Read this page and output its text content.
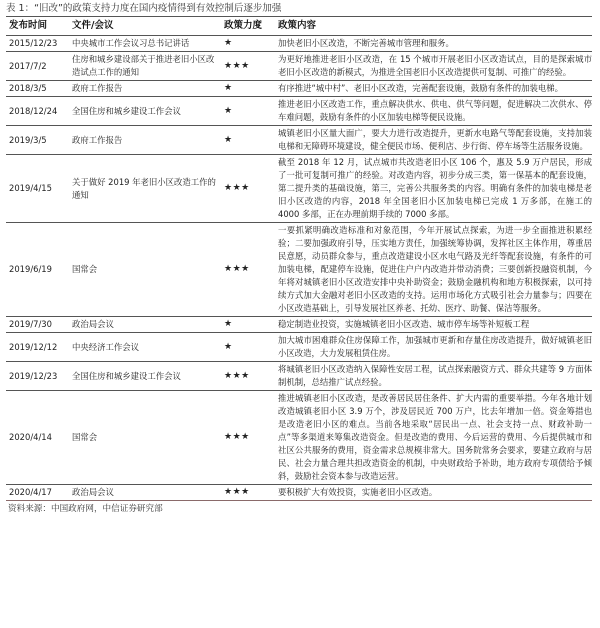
表 1：“旧改”的政策支持力度在国内疫情得到有效控制后逐步加强
发布时间	文件/会议	政策力度	政策内容
2015/12/23	中央城市工作会议习总书记讲话	★	加快老旧小区改造，不断完善城市管理和服务。
2017/7/2	住房和城乡建设部关于推进老旧小区改造试点工作的通知	★★★	为更好地推进老旧小区改造，在 15 个城市开展老旧小区改造试点，目的是探索城市老旧小区改造的新模式，为推进全国老旧小区改造提供可复制、可推广的经验。
2018/3/5	政府工作报告	★	有序推进“城中村”、老旧小区改造，完善配套设施，鼓励有条件的加装电梯。
2018/12/24	全国住房和城乡建设工作会议	★	推进老旧小区改造工作，重点解决供水、供电、供气等问题，促进解决二次供水、停车难问题，鼓励有条件的小区加装电梯等便民设施。
2019/3/5	政府工作报告	★	城镇老旧小区量大面广，要大力进行改造提升，更新水电路气等配套设施，支持加装电梯和无障碍环境建设，健全便民市场、便利店、步行街、停车场等生活服务设施。
2019/4/15	关于做好 2019 年老旧小区改造工作的通知	★★★	截至 2018 年 12 月，试点城市共改造老旧小区 106 个，惠及 5.9 万户居民，形成了一批可复制可推广的经验。对改造内容，初步分成三类，第一保基本的配套设施，第二提升类的基础设施，第三，完善公共服务类的内容。明确有条件的加装电梯是老旧小区改造的内容，2018 年全国老旧小区加装电梯已完成 1 万多部，在施工的 4000 多部，正在办理前期手续的 7000 多部。
2019/6/19	国常会	★★★	一要抓紧明确改造标准和对象范围，今年开展试点探索，为进一步全面推进积累经验；二要加强政府引导，压实地方责任，加强统筹协调，发挥社区主体作用，尊重居民意愿，动员群众参与，重点改造建设小区水电气路及光纤等配套设施，有条件的可加装电梯，配建停车设施，促进住户户内改造并带动消费；三要创新投融资机制，今年将对城镇老旧小区改造安排中央补助资金；鼓励金融机构和地方积极探索，以可持续方式加大金融对老旧小区改造的支持。运用市场化方式吸引社会力量参与；四要在小区改造基础上，引导发展社区养老、托幼、医疗、助餐、保洁等服务。
2019/7/30	政治局会议	★	稳定制造业投资，实施城镇老旧小区改造、城市停车场等补短板工程
2019/12/12	中央经济工作会议	★	加大城市困难群众住房保障工作，加强城市更新和存量住房改造提升，做好城镇老旧小区改造，大力发展租赁住房。
2019/12/23	全国住房和城乡建设工作会议	★★★	将城镇老旧小区改造纳入保障性安居工程，试点探索融资方式、群众共建等 9 方面体制机制，总结推广试点经验。
2020/4/14	国常会	★★★	推进城镇老旧小区改造，是改善居民居住条件、扩大内需的重要举措。今年各地计划改造城镇老旧小区 3.9 万个，涉及居民近 700 万户，比去年增加一倍。资金筹措也是改造老旧小区的难点。当前各地采取“居民出一点、社会支持一点、财政补助一点”等多渠道来筹集改造资金。但是改造的费用、今后运营的费用、今后提供城市和社区公共服务的费用，资金需求总规模非常大。国务院常务会要求，要建立政府与居民、社会力量合理共担改造资金的机制，中央财政给予补助，地方政府专项债给予倾斜，鼓励社会资本参与改造运营。
2020/4/17	政治局会议	★★★	要积极扩大有效投资，实施老旧小区改造。
资料来源：中国政府网，中信证券研究部
